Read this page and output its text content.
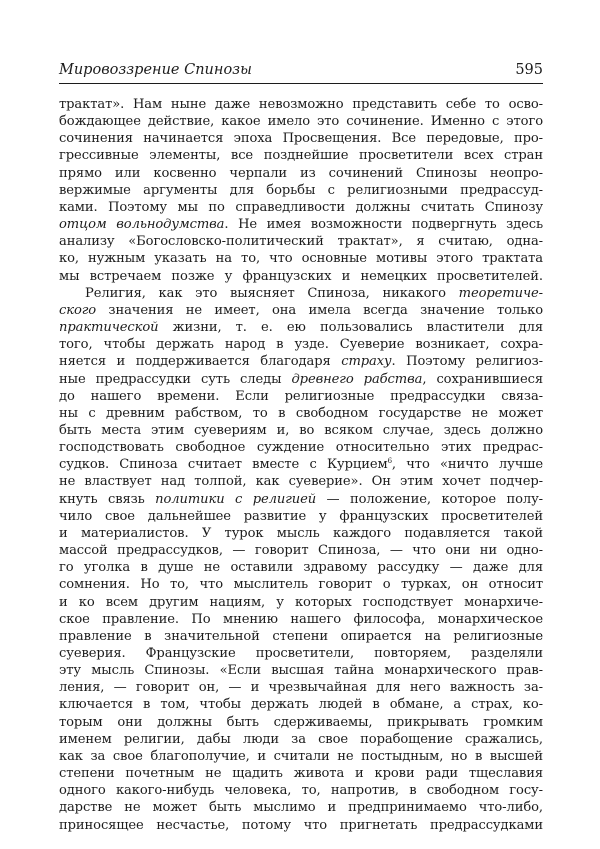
Мировоззрение Спинозы	595

трактат». Нам ныне даже невозможно представить себе то осво-
бождающее действие, какое имело это сочинение. Именно с этого
сочинения начинается эпоха Просвещения. Все передовые, про-
грессивные элементы, все позднейшие просветители всех стран
прямо или косвенно черпали из сочинений Спинозы неопро-
вержимые аргументы для борьбы с религиозными предрассуд-
ками. Поэтому мы по справедливости должны считать Спинозу
отцом вольнодумства. Не имея возможности подвергнуть здесь
анализу «Богословско-политический трактат», я считаю, одна-
ко, нужным указать на то, что основные мотивы этого трактата
мы встречаем позже у французских и немецких просветителей.

Религия, как это выясняет Спиноза, никакого теоретиче-
ского значения не имеет, она имела всегда значение только
практической жизни, т. е. ею пользовались властители для
того, чтобы держать народ в узде. Суеверие возникает, сохра-
няется и поддерживается благодаря страху. Поэтому религиоз-
ные предрассудки суть следы древнего рабства, сохранившиеся
до нашего времени. Если религиозные предрассудки связа-
ны с древним рабством, то в свободном государстве не может
быть места этим суевериям и, во всяком случае, здесь должно
господствовать свободное суждение относительно этих предрас-
судков. Спиноза считает вместе с Курцием$^6$, что «ничто лучше
не властвует над толпой, как суеверие». Он этим хочет подчер-
кнуть связь политики с религией — положение, которое полу-
чило свое дальнейшее развитие у французских просветителей
и материалистов. У турок мысль каждого подавляется такой
массой предрассудков, — говорит Спиноза, — что они ни одно-
го уголка в душе не оставили здравому рассудку — даже для
сомнения. Но то, что мыслитель говорит о турках, он относит
и ко всем другим нациям, у которых господствует монархиче-
ское правление. По мнению нашего философа, монархическое
правление в значительной степени опирается на религиозные
суеверия. Французские просветители, повторяем, разделяли
эту мысль Спинозы. «Если высшая тайна монархического прав-
ления, — говорит он, — и чрезвычайная для него важность за-
ключается в том, чтобы держать людей в обмане, а страх, ко-
торым они должны быть сдерживаемы, прикрывать громким
именем религии, дабы люди за свое порабощение сражались,
как за свое благополучие, и считали не постыдным, но в высшей
степени почетным не щадить живота и крови ради тщеславия
одного какого-нибудь человека, то, напротив, в свободном госу-
дарстве не может быть мыслимо и предпринимаемо что-либо,
приносящее несчастье, потому что пригнетать предрассудками
